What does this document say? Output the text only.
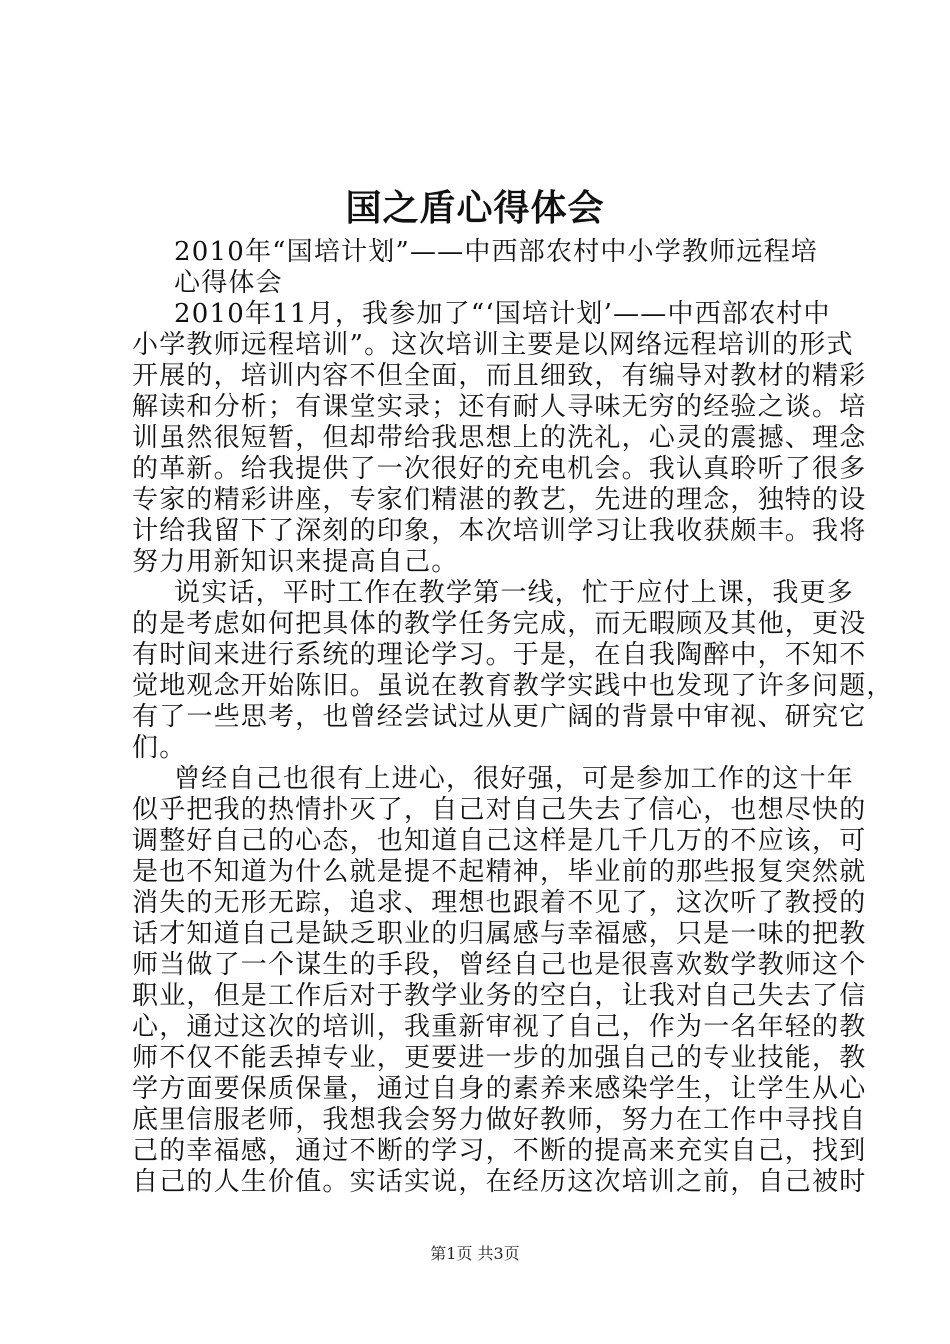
国之盾心得体会
2010年“国培计划”——中西部农村中小学教师远程培
心得体会
2010年11月，我参加了“‘国培计划’——中西部农村中
小学教师远程培训”。这次培训主要是以网络远程培训的形式
开展的，培训内容不但全面，而且细致，有编导对教材的精彩
解读和分析；有课堂实录；还有耐人寻味无穷的经验之谈。培
训虽然很短暂，但却带给我思想上的洗礼，心灵的震撼、理念
的革新。给我提供了一次很好的充电机会。我认真聆听了很多
专家的精彩讲座，专家们精湛的教艺，先进的理念，独特的设
计给我留下了深刻的印象，本次培训学习让我收获颇丰。我将
努力用新知识来提高自己。
说实话，平时工作在教学第一线，忙于应付上课，我更多
的是考虑如何把具体的教学任务完成，而无暇顾及其他，更没
有时间来进行系统的理论学习。于是，在自我陶醉中，不知不
觉地观念开始陈旧。虽说在教育教学实践中也发现了许多问题，
有了一些思考，也曾经尝试过从更广阔的背景中审视、研究它
们。
曾经自己也很有上进心，很好强，可是参加工作的这十年
似乎把我的热情扑灭了，自己对自己失去了信心，也想尽快的
调整好自己的心态，也知道自己这样是几千几万的不应该，可
是也不知道为什么就是提不起精神，毕业前的那些报复突然就
消失的无形无踪，追求、理想也跟着不见了，这次听了教授的
话才知道自己是缺乏职业的归属感与幸福感，只是一味的把教
师当做了一个谋生的手段，曾经自己也是很喜欢数学教师这个
职业，但是工作后对于教学业务的空白，让我对自己失去了信
心，通过这次的培训，我重新审视了自己，作为一名年轻的教
师不仅不能丢掉专业，更要进一步的加强自己的专业技能，教
学方面要保质保量，通过自身的素养来感染学生，让学生从心
底里信服老师，我想我会努力做好教师，努力在工作中寻找自
己的幸福感，通过不断的学习，不断的提高来充实自己，找到
自己的人生价值。实话实说，在经历这次培训之前，自己被时
第1页 共3页
